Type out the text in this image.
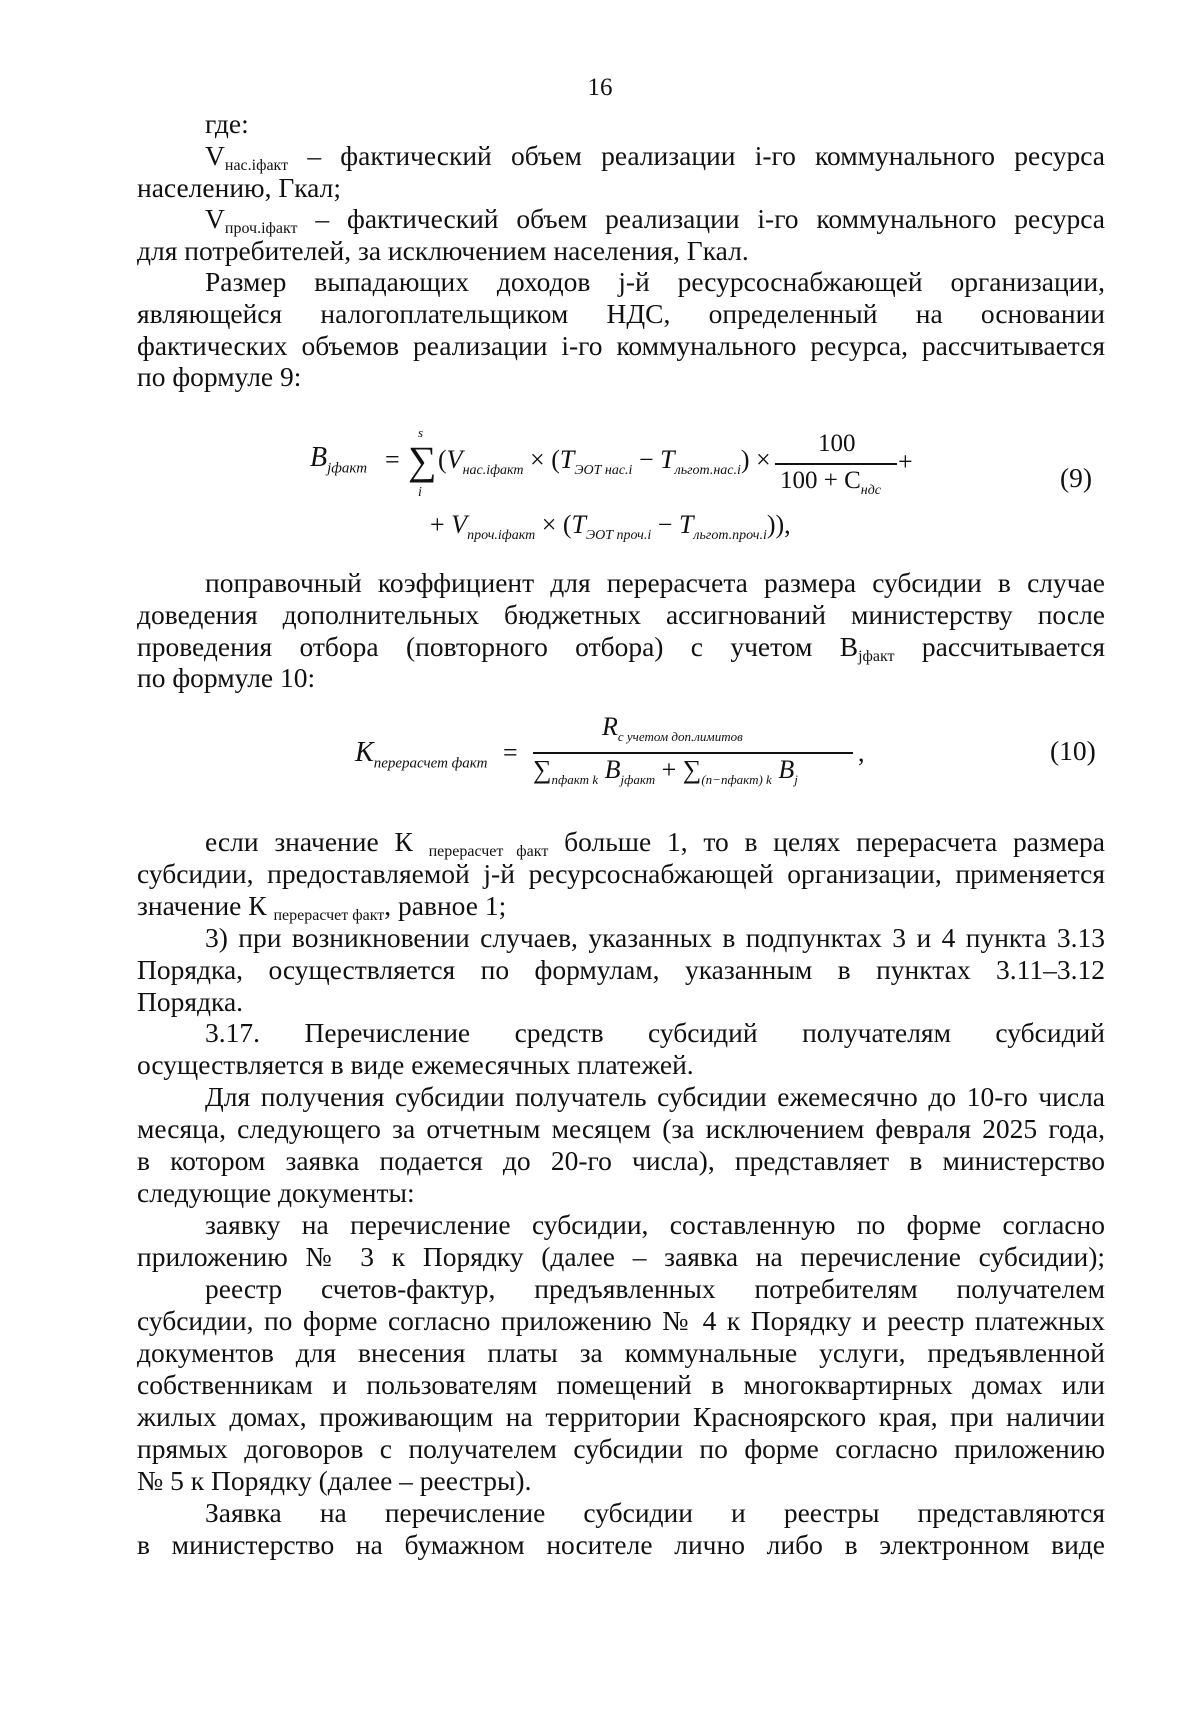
16
где:
$V_{нас.iфакт}$ – фактический объем реализации i-го коммунального ресурса
населению, Гкал;
$V_{проч.iфакт}$ – фактический объем реализации i-го коммунального ресурса
для потребителей, за исключением населения, Гкал.
Размер выпадающих доходов j-й ресурсоснабжающей организации,
являющейся налогоплательщиком НДС, определенный на основании
фактических объемов реализации i-го коммунального ресурса, рассчитывается
по формуле 9:
$B_{jфакт}$ =
s
∑
i
($V_{нас.iфакт} \times (T_{ЭОТ нас.i} - T_{льгот.нас.i})$ ×
100
$100 + C_{ндс}$
+
+ $V_{проч.iфакт} \times (T_{ЭОТ проч.i} - T_{льгот.проч.i})$),
(9)
поправочный коэффициент для перерасчета размера субсидии в случае
доведения дополнительных бюджетных ассигнований министерству после
проведения отбора (повторного отбора) с учетом $В_{jфакт}$ рассчитывается
по формуле 10:
$K_{перерасчет факт}$ =
$R_{с учетом доп.лимитов}$
$\sum_{nфакт k}$ $B_{jфакт} + \sum_{(n-nфакт) k}$ $B_j$
,	(10)
если значение К $_{перерасчет факт}$ больше 1, то в целях перерасчета размера
субсидии, предоставляемой j-й ресурсоснабжающей организации, применяется
значение К $_{перерасчет факт}$, равное 1;
3) при возникновении случаев, указанных в подпунктах 3 и 4 пункта 3.13
Порядка, осуществляется по формулам, указанным в пунктах 3.11–3.12
Порядка.
3.17. Перечисление средств субсидий получателям субсидий
осуществляется в виде ежемесячных платежей.
Для получения субсидии получатель субсидии ежемесячно до 10-го числа
месяца, следующего за отчетным месяцем (за исключением февраля 2025 года,
в котором заявка подается до 20-го числа), представляет в министерство
следующие документы:
заявку на перечисление субсидии, составленную по форме согласно
приложению № 3 к Порядку (далее – заявка на перечисление субсидии);
реестр счетов-фактур, предъявленных потребителям получателем
субсидии, по форме согласно приложению № 4 к Порядку и реестр платежных
документов для внесения платы за коммунальные услуги, предъявленной
собственникам и пользователям помещений в многоквартирных домах или
жилых домах, проживающим на территории Красноярского края, при наличии
прямых договоров с получателем субсидии по форме согласно приложению
№ 5 к Порядку (далее – реестры).
Заявка на перечисление субсидии и реестры представляются
в министерство на бумажном носителе лично либо в электронном виде
